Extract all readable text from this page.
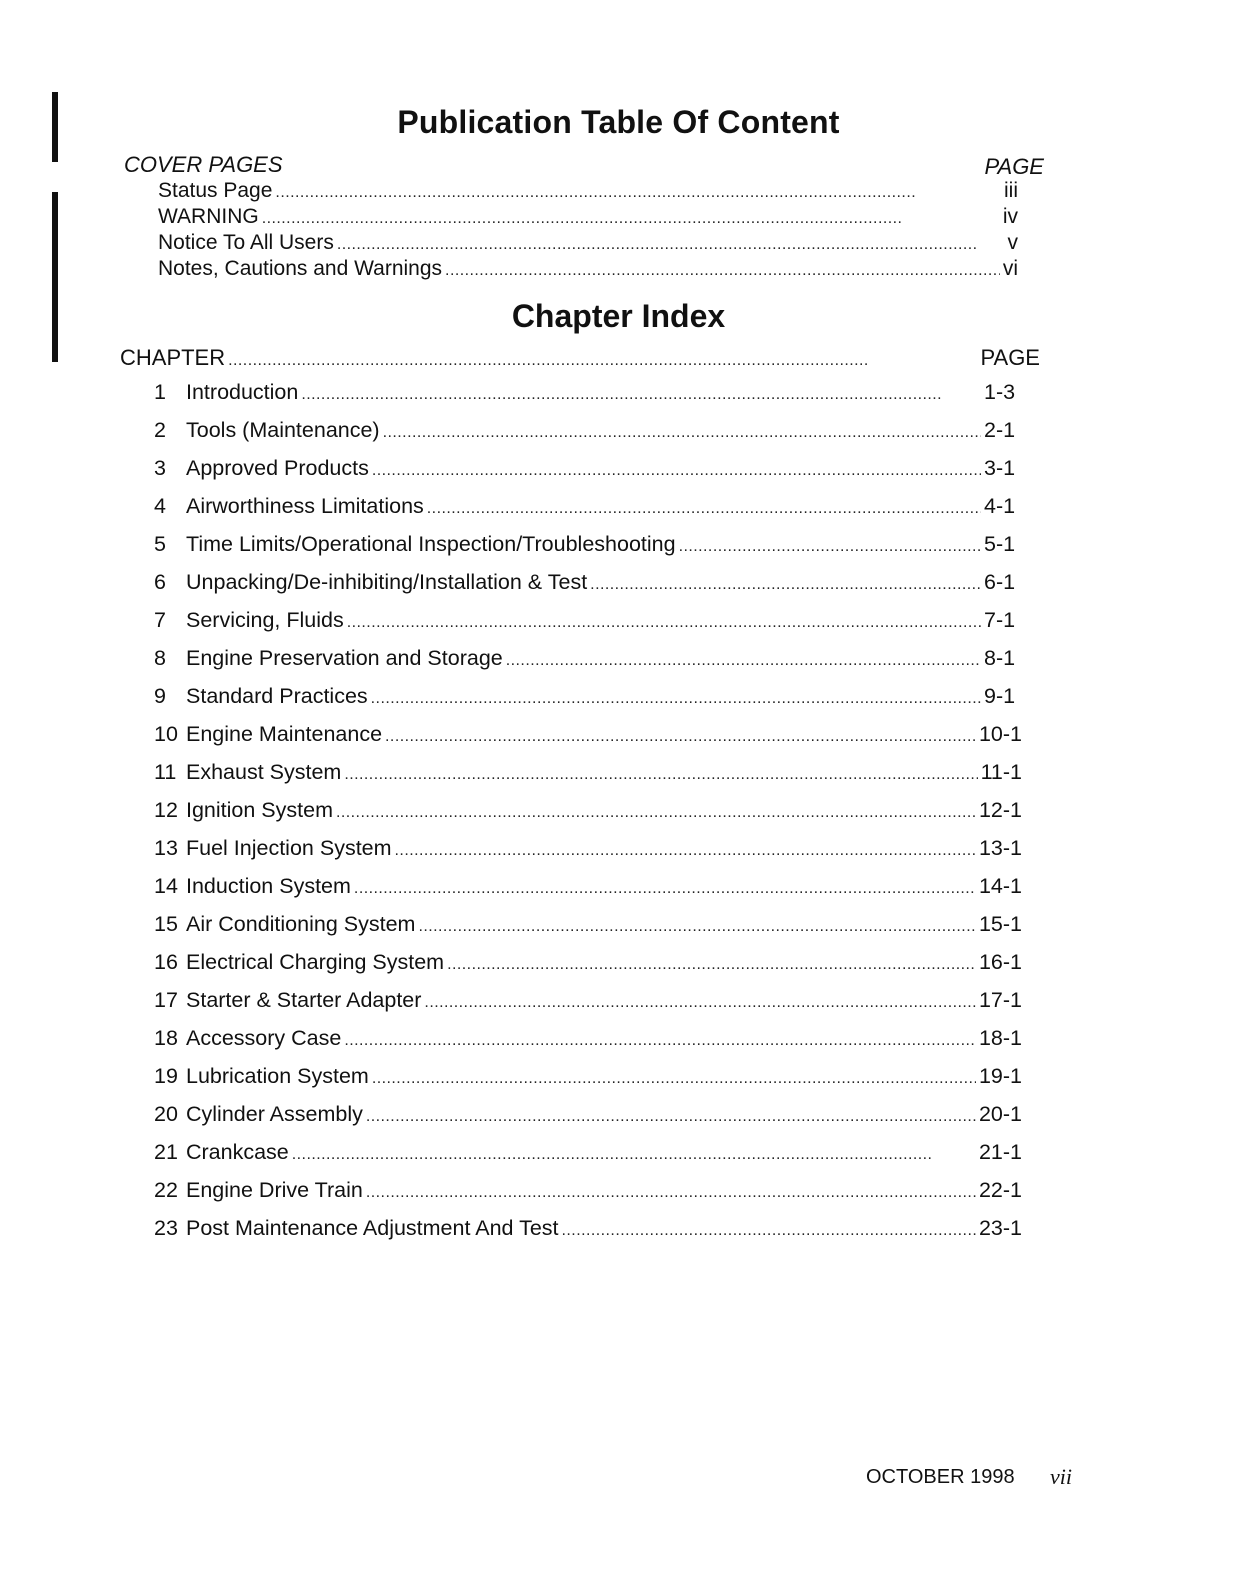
Publication Table Of Content
COVER PAGES	PAGE
Status Page . . .	iii
WARNING . . .	iv
Notice To All Users . . .	v
Notes, Cautions and Warnings . . .	vi
Chapter Index
CHAPTER . . .	PAGE
1 Introduction . . .	1-3
2 Tools (Maintenance) . . .	2-1
3 Approved Products . . .	3-1
4 Airworthiness Limitations . . .	4-1
5 Time Limits/Operational Inspection/Troubleshooting . . .	5-1
6 Unpacking/De-inhibiting/Installation & Test . . .	6-1
7 Servicing, Fluids . . .	7-1
8 Engine Preservation and Storage . . .	8-1
9 Standard Practices . . .	9-1
10 Engine Maintenance . . .	10-1
11 Exhaust System . . .	11-1
12 Ignition System . . .	12-1
13 Fuel Injection System . . .	13-1
14 Induction System . . .	14-1
15 Air Conditioning System . . .	15-1
16 Electrical Charging System . . .	16-1
17 Starter & Starter Adapter . . .	17-1
18 Accessory Case . . .	18-1
19 Lubrication System . . .	19-1
20 Cylinder Assembly . . .	20-1
21 Crankcase . . .	21-1
22 Engine Drive Train . . .	22-1
23 Post Maintenance Adjustment And Test . . .	23-1
OCTOBER 1998 vii
